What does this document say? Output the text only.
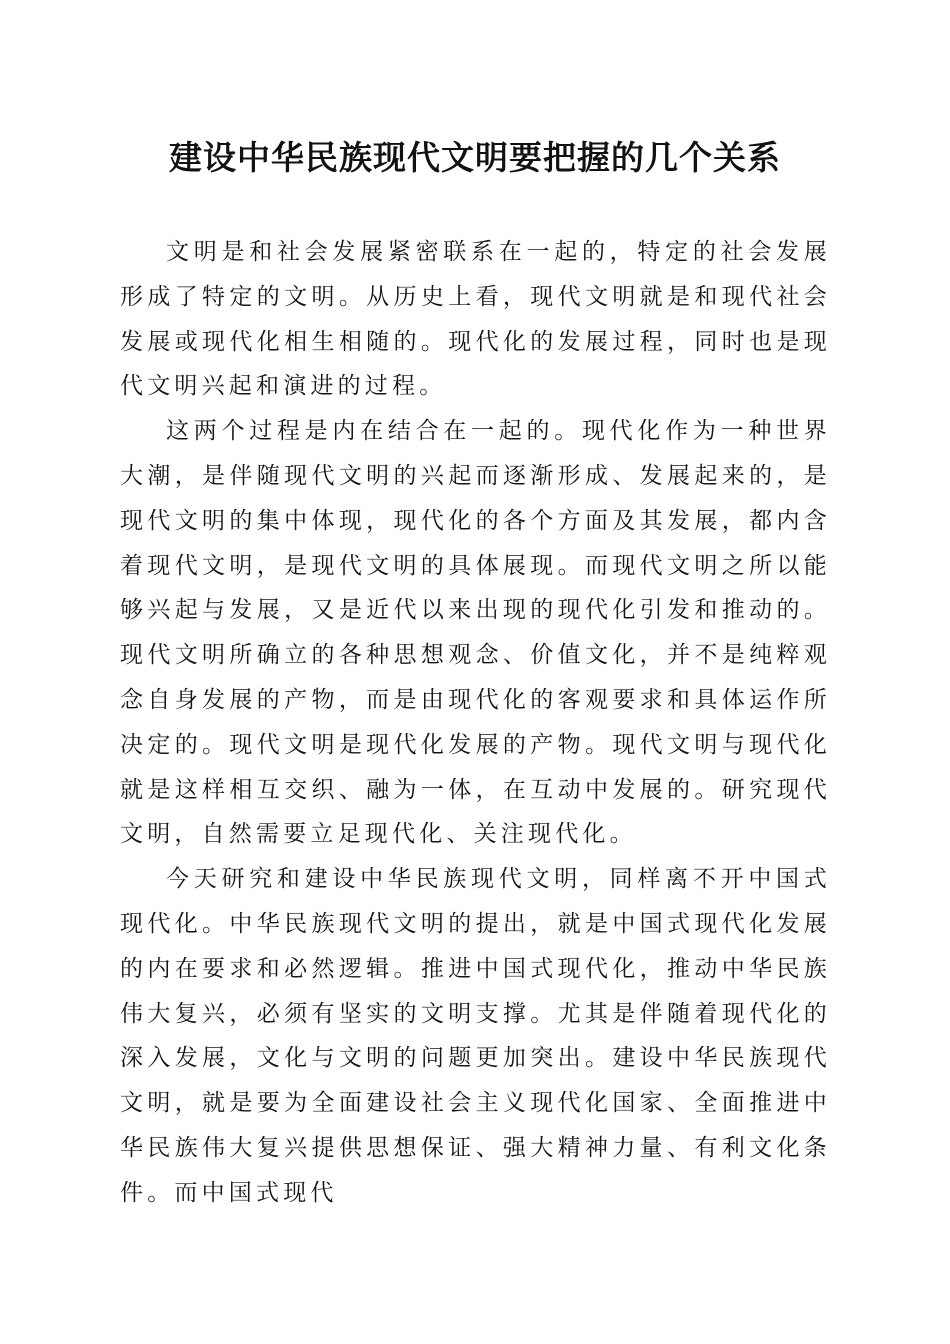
建设中华民族现代文明要把握的几个关系

文明是和社会发展紧密联系在一起的，特定的社会发展形成了特定的文明。从历史上看，现代文明就是和现代社会发展或现代化相生相随的。现代化的发展过程，同时也是现代文明兴起和演进的过程。

这两个过程是内在结合在一起的。现代化作为一种世界大潮，是伴随现代文明的兴起而逐渐形成、发展起来的，是现代文明的集中体现，现代化的各个方面及其发展，都内含着现代文明，是现代文明的具体展现。而现代文明之所以能够兴起与发展，又是近代以来出现的现代化引发和推动的。现代文明所确立的各种思想观念、价值文化，并不是纯粹观念自身发展的产物，而是由现代化的客观要求和具体运作所决定的。现代文明是现代化发展的产物。现代文明与现代化就是这样相互交织、融为一体，在互动中发展的。研究现代文明，自然需要立足现代化、关注现代化。

今天研究和建设中华民族现代文明，同样离不开中国式现代化。中华民族现代文明的提出，就是中国式现代化发展的内在要求和必然逻辑。推进中国式现代化，推动中华民族伟大复兴，必须有坚实的文明支撑。尤其是伴随着现代化的深入发展，文化与文明的问题更加突出。建设中华民族现代文明，就是要为全面建设社会主义现代化国家、全面推进中华民族伟大复兴提供思想保证、强大精神力量、有利文化条件。而中国式现代
